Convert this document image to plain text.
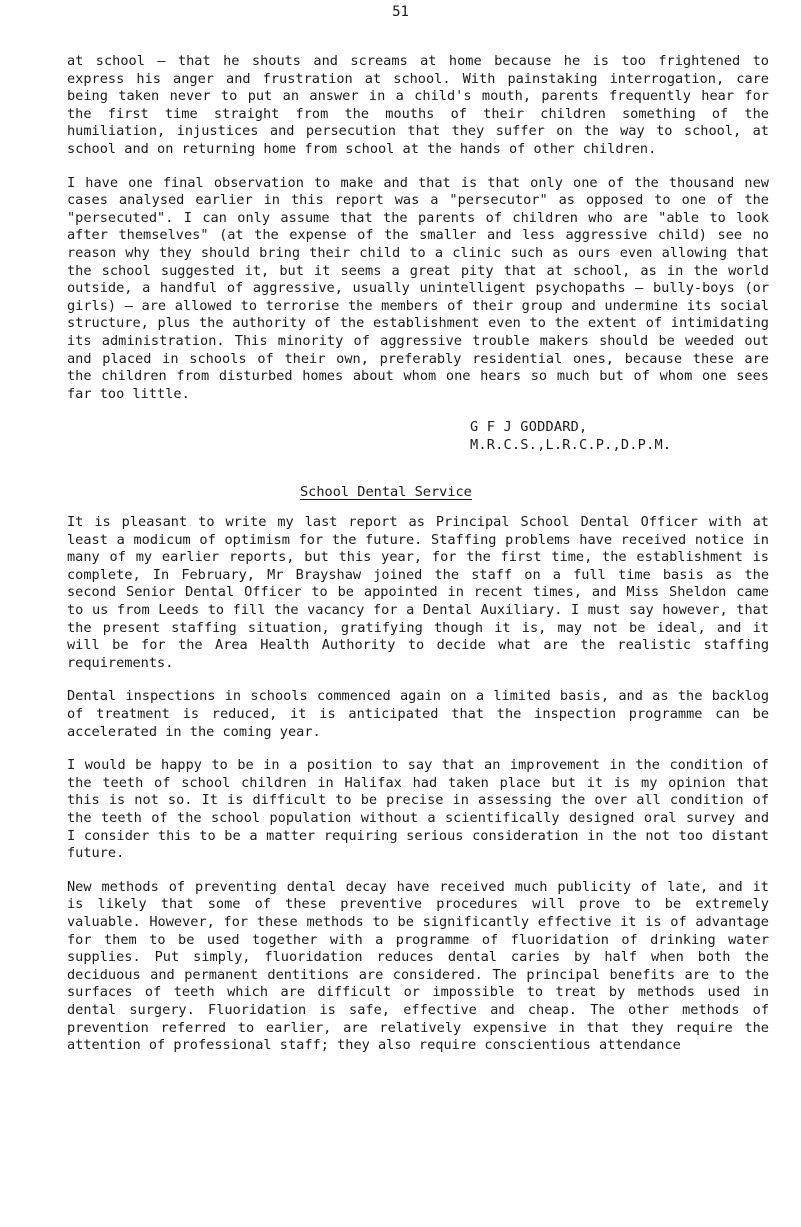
51

at school – that he shouts and screams at home because he is too frightened to express his anger and frustration at school. With painstaking interrogation, care being taken never to put an answer in a child's mouth, parents frequently hear for the first time straight from the mouths of their children something of the humiliation, injustices and persecution that they suffer on the way to school, at school and on returning home from school at the hands of other children.

I have one final observation to make and that is that only one of the thousand new cases analysed earlier in this report was a "persecutor" as opposed to one of the "persecuted". I can only assume that the parents of children who are "able to look after themselves" (at the expense of the smaller and less aggressive child) see no reason why they should bring their child to a clinic such as ours even allowing that the school suggested it, but it seems a great pity that at school, as in the world outside, a handful of aggressive, usually unintelligent psychopaths – bully-boys (or girls) – are allowed to terrorise the members of their group and undermine its social structure, plus the authority of the establishment even to the extent of intimidating its administration. This minority of aggressive trouble makers should be weeded out and placed in schools of their own, preferably residential ones, because these are the children from disturbed homes about whom one hears so much but of whom one sees far too little.

G F J GODDARD, M.R.C.S.,L.R.C.P.,D.P.M.
School Dental Service

It is pleasant to write my last report as Principal School Dental Officer with at least a modicum of optimism for the future. Staffing problems have received notice in many of my earlier reports, but this year, for the first time, the establishment is complete, In February, Mr Brayshaw joined the staff on a full time basis as the second Senior Dental Officer to be appointed in recent times, and Miss Sheldon came to us from Leeds to fill the vacancy for a Dental Auxiliary. I must say however, that the present staffing situation, gratifying though it is, may not be ideal, and it will be for the Area Health Authority to decide what are the realistic staffing requirements.

Dental inspections in schools commenced again on a limited basis, and as the backlog of treatment is reduced, it is anticipated that the inspection programme can be accelerated in the coming year.

I would be happy to be in a position to say that an improvement in the condition of the teeth of school children in Halifax had taken place but it is my opinion that this is not so. It is difficult to be precise in assessing the over all condition of the teeth of the school population without a scientifically designed oral survey and I consider this to be a matter requiring serious consideration in the not too distant future.

New methods of preventing dental decay have received much publicity of late, and it is likely that some of these preventive procedures will prove to be extremely valuable. However, for these methods to be significantly effective it is of advantage for them to be used together with a programme of fluoridation of drinking water supplies. Put simply, fluoridation reduces dental caries by half when both the deciduous and permanent dentitions are considered. The principal benefits are to the surfaces of teeth which are difficult or impossible to treat by methods used in dental surgery. Fluoridation is safe, effective and cheap. The other methods of prevention referred to earlier, are relatively expensive in that they require the attention of professional staff; they also require conscientious attendance
